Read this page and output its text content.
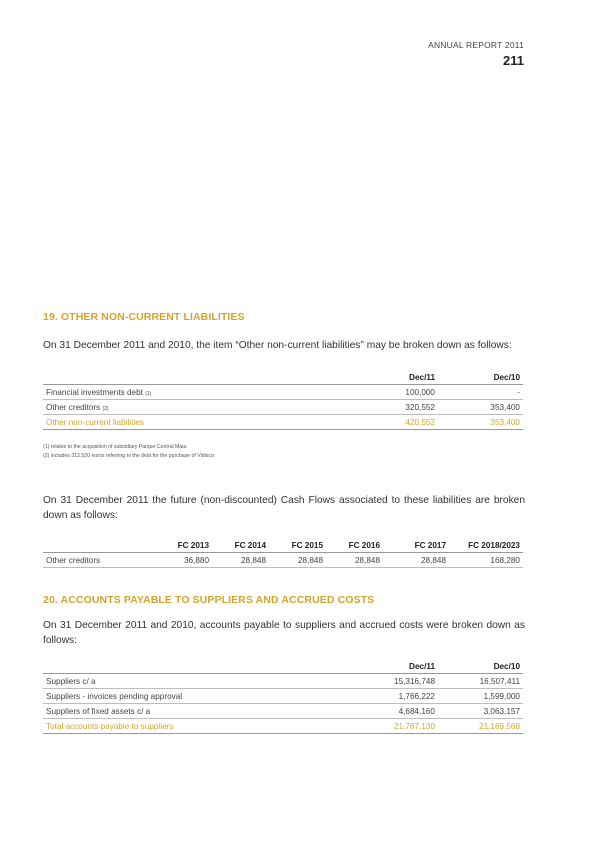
ANNUAL REPORT 2011
211
19. OTHER NON-CURRENT LIABILITIES
On 31 December 2011 and 2010, the item “Other non-current liabilities” may be broken down as follows:
	Dec/11	Dec/10
Financial investments debt (1)	100,000	-
Other creditors (2)	320,552	353,400
Other non-current liabilities	420,552	353,400
(1) relates to the acquisition of subsidiary Parque Central Maia.
(2) includes 312,520 euros referring to the debt for the purchase of Vidisco.
On 31 December 2011 the future (non-discounted) Cash Flows associated to these liabilities are broken down as follows:
	FC 2013	FC 2014	FC 2015	FC 2016	FC 2017	FC 2018/2023
Other creditors	36,880	28,848	28,848	28,848	28,848	168,280
20. ACCOUNTS PAYABLE TO SUPPLIERS AND ACCRUED COSTS
On 31 December 2011 and 2010, accounts payable to suppliers and accrued costs were broken down as follows:
	Dec/11	Dec/10
Suppliers c/ a	15,316,748	16,507,411
Suppliers - invoices pending approval	1,766,222	1,599,000
Suppliers of fixed assets c/ a	4,684,160	3,063,157
Total accounts payable to suppliers	21,767,130	21,169,568
